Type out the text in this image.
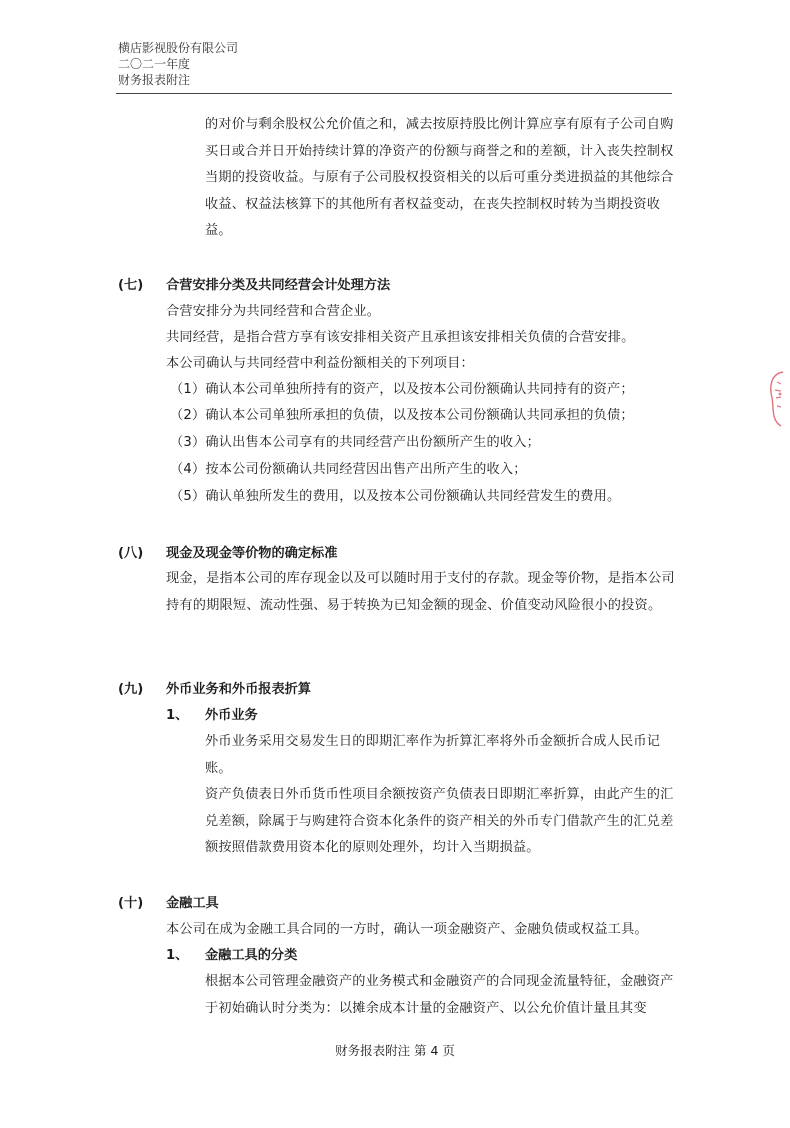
横店影视股份有限公司
二〇二一年度
财务报表附注
的对价与剩余股权公允价值之和，减去按原持股比例计算应享有原有子公司自购买日或合并日开始持续计算的净资产的份额与商誉之和的差额，计入丧失控制权当期的投资收益。与原有子公司股权投资相关的以后可重分类进损益的其他综合收益、权益法核算下的其他所有者权益变动，在丧失控制权时转为当期投资收益。
(七) 合营安排分类及共同经营会计处理方法
合营安排分为共同经营和合营企业。
共同经营，是指合营方享有该安排相关资产且承担该安排相关负债的合营安排。
本公司确认与共同经营中利益份额相关的下列项目：
（1）确认本公司单独所持有的资产，以及按本公司份额确认共同持有的资产；
（2）确认本公司单独所承担的负债，以及按本公司份额确认共同承担的负债；
（3）确认出售本公司享有的共同经营产出份额所产生的收入；
（4）按本公司份额确认共同经营因出售产出所产生的收入；
（5）确认单独所发生的费用，以及按本公司份额确认共同经营发生的费用。
(八) 现金及现金等价物的确定标准
现金，是指本公司的库存现金以及可以随时用于支付的存款。现金等价物，是指本公司持有的期限短、流动性强、易于转换为已知金额的现金、价值变动风险很小的投资。
(九) 外币业务和外币报表折算
1、 外币业务
外币业务采用交易发生日的即期汇率作为折算汇率将外币金额折合成人民币记账。
资产负债表日外币货币性项目余额按资产负债表日即期汇率折算，由此产生的汇兑差额，除属于与购建符合资本化条件的资产相关的外币专门借款产生的汇兑差额按照借款费用资本化的原则处理外，均计入当期损益。
(十) 金融工具
本公司在成为金融工具合同的一方时，确认一项金融资产、金融负债或权益工具。
1、 金融工具的分类
根据本公司管理金融资产的业务模式和金融资产的合同现金流量特征，金融资产于初始确认时分类为：以摊余成本计量的金融资产、以公允价值计量且其变
财务报表附注 第 4 页
